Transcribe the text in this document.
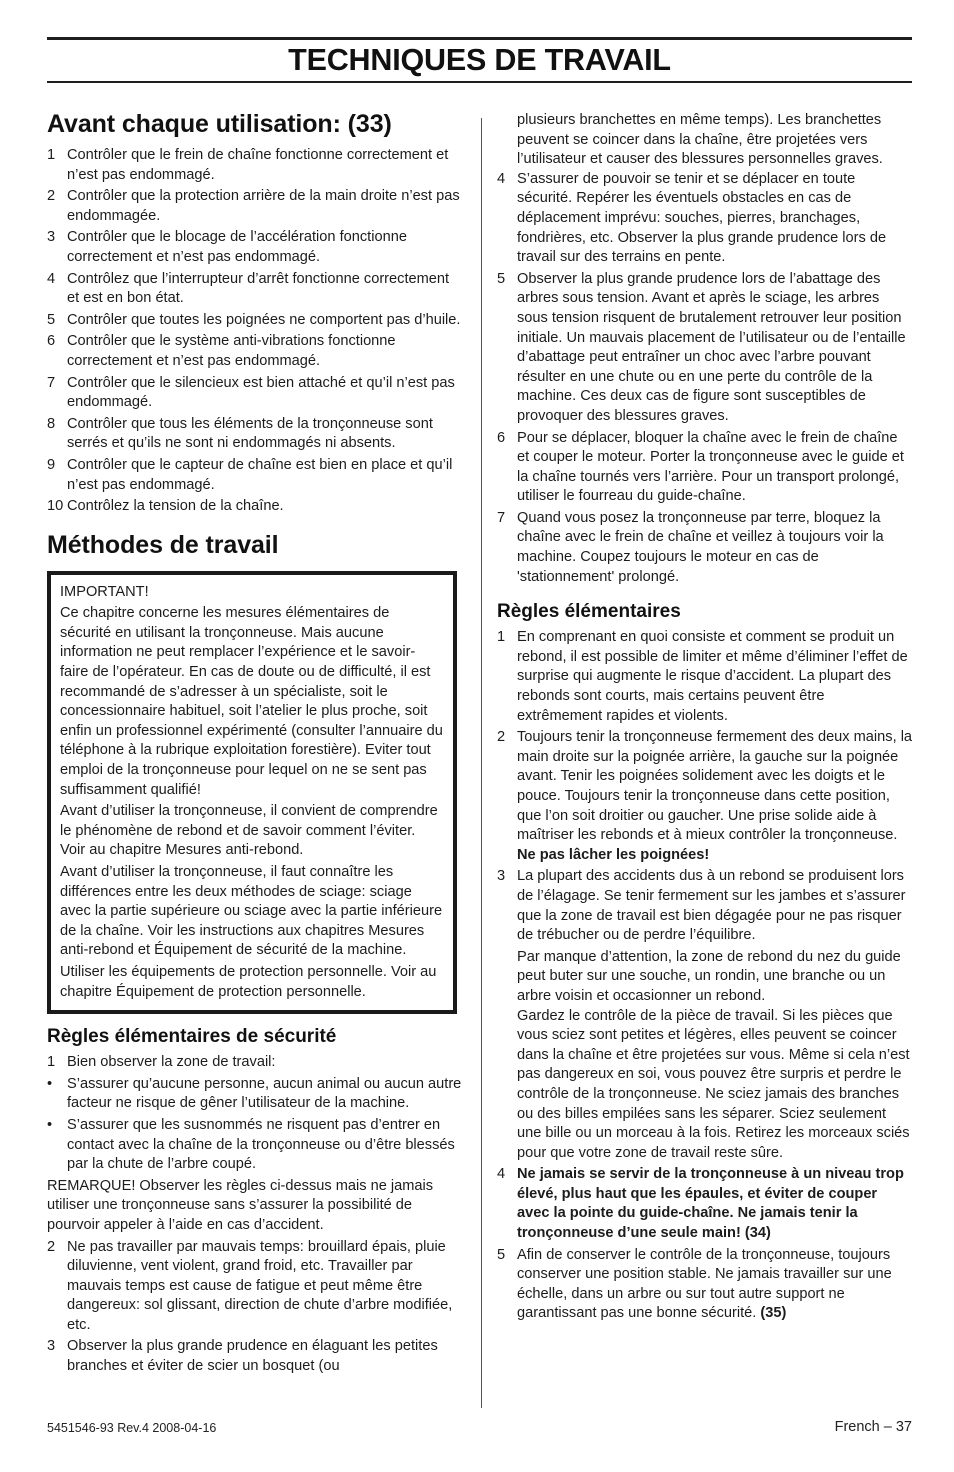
TECHNIQUES DE TRAVAIL
Avant chaque utilisation: (33)
1 Contrôler que le frein de chaîne fonctionne correctement et n’est pas endommagé.
2 Contrôler que la protection arrière de la main droite n’est pas endommagée.
3 Contrôler que le blocage de l’accélération fonctionne correctement et n’est pas endommagé.
4 Contrôlez que l’interrupteur d’arrêt fonctionne correctement et est en bon état.
5 Contrôler que toutes les poignées ne comportent pas d’huile.
6 Contrôler que le système anti-vibrations fonctionne correctement et n’est pas endommagé.
7 Contrôler que le silencieux est bien attaché et qu’il n’est pas endommagé.
8 Contrôler que tous les éléments de la tronçonneuse sont serrés et qu’ils ne sont ni endommagés ni absents.
9 Contrôler que le capteur de chaîne est bien en place et qu’il n’est pas endommagé.
10 Contrôlez la tension de la chaîne.
Méthodes de travail

IMPORTANT!

Ce chapitre concerne les mesures élémentaires de sécurité en utilisant la tronçonneuse. Mais aucune information ne peut remplacer l’expérience et le savoir-faire de l’opérateur. En cas de doute ou de difficulté, il est recommandé de s’adresser à un spécialiste, soit le concessionnaire habituel, soit l’atelier le plus proche, soit enfin un professionnel expérimenté (consulter l’annuaire du téléphone à la rubrique exploitation forestière). Eviter tout emploi de la tronçonneuse pour lequel on ne se sent pas suffisamment qualifié!

Avant d’utiliser la tronçonneuse, il convient de comprendre le phénomène de rebond et de savoir comment l’éviter. Voir au chapitre Mesures anti-rebond.

Avant d’utiliser la tronçonneuse, il faut connaître les différences entre les deux méthodes de sciage: sciage avec la partie supérieure ou sciage avec la partie inférieure de la chaîne. Voir les instructions aux chapitres Mesures anti-rebond et Équipement de sécurité de la machine.

Utiliser les équipements de protection personnelle. Voir au chapitre Équipement de protection personnelle.

Règles élémentaires de sécurité
1 Bien observer la zone de travail:
• S’assurer qu’aucune personne, aucun animal ou aucun autre facteur ne risque de gêner l’utilisateur de la machine.
• S’assurer que les susnommés ne risquent pas d’entrer en contact avec la chaîne de la tronçonneuse ou d’être blessés par la chute de l’arbre coupé.

REMARQUE! Observer les règles ci-dessus mais ne jamais utiliser une tronçonneuse sans s’assurer la possibilité de pourvoir appeler à l’aide en cas d’accident.

2 Ne pas travailler par mauvais temps: brouillard épais, pluie diluvienne, vent violent, grand froid, etc. Travailler par mauvais temps est cause de fatigue et peut même être dangereux: sol glissant, direction de chute d’arbre modifiée, etc.
3 Observer la plus grande prudence en élaguant les petites branches et éviter de scier un bosquet (ou
plusieurs branchettes en même temps). Les branchettes peuvent se coincer dans la chaîne, être projetées vers l’utilisateur et causer des blessures personnelles graves.
4 S’assurer de pouvoir se tenir et se déplacer en toute sécurité. Repérer les éventuels obstacles en cas de déplacement imprévu: souches, pierres, branchages, fondrières, etc. Observer la plus grande prudence lors de travail sur des terrains en pente.
5 Observer la plus grande prudence lors de l’abattage des arbres sous tension. Avant et après le sciage, les arbres sous tension risquent de brutalement retrouver leur position initiale. Un mauvais placement de l’utilisateur ou de l’entaille d’abattage peut entraîner un choc avec l’arbre pouvant résulter en une chute ou en une perte du contrôle de la machine. Ces deux cas de figure sont susceptibles de provoquer des blessures graves.
6 Pour se déplacer, bloquer la chaîne avec le frein de chaîne et couper le moteur. Porter la tronçonneuse avec le guide et la chaîne tournés vers l’arrière. Pour un transport prolongé, utiliser le fourreau du guide-chaîne.
7 Quand vous posez la tronçonneuse par terre, bloquez la chaîne avec le frein de chaîne et veillez à toujours voir la machine. Coupez toujours le moteur en cas de 'stationnement' prolongé.
Règles élémentaires
1 En comprenant en quoi consiste et comment se produit un rebond, il est possible de limiter et même d’éliminer l’effet de surprise qui augmente le risque d’accident. La plupart des rebonds sont courts, mais certains peuvent être extrêmement rapides et violents.
2 Toujours tenir la tronçonneuse fermement des deux mains, la main droite sur la poignée arrière, la gauche sur la poignée avant. Tenir les poignées solidement avec les doigts et le pouce. Toujours tenir la tronçonneuse dans cette position, que l’on soit droitier ou gaucher. Une prise solide aide à maîtriser les rebonds et à mieux contrôler la tronçonneuse. Ne pas lâcher les poignées!
3 La plupart des accidents dus à un rebond se produisent lors de l’élagage. Se tenir fermement sur les jambes et s’assurer que la zone de travail est bien dégagée pour ne pas risquer de trébucher ou de perdre l’équilibre.
Par manque d’attention, la zone de rebond du nez du guide peut buter sur une souche, un rondin, une branche ou un arbre voisin et occasionner un rebond.
Gardez le contrôle de la pièce de travail. Si les pièces que vous sciez sont petites et légères, elles peuvent se coincer dans la chaîne et être projetées sur vous. Même si cela n’est pas dangereux en soi, vous pouvez être surpris et perdre le contrôle de la tronçonneuse. Ne sciez jamais des branches ou des billes empilées sans les séparer. Sciez seulement une bille ou un morceau à la fois. Retirez les morceaux sciés pour que votre zone de travail reste sûre.
4 Ne jamais se servir de la tronçonneuse à un niveau trop élevé, plus haut que les épaules, et éviter de couper avec la pointe du guide-chaîne. Ne jamais tenir la tronçonneuse d’une seule main! (34)
5 Afin de conserver le contrôle de la tronçonneuse, toujours conserver une position stable. Ne jamais travailler sur une échelle, dans un arbre ou sur tout autre support ne garantissant pas une bonne sécurité. (35)
5451546-93 Rev.4 2008-04-16	French – 37
